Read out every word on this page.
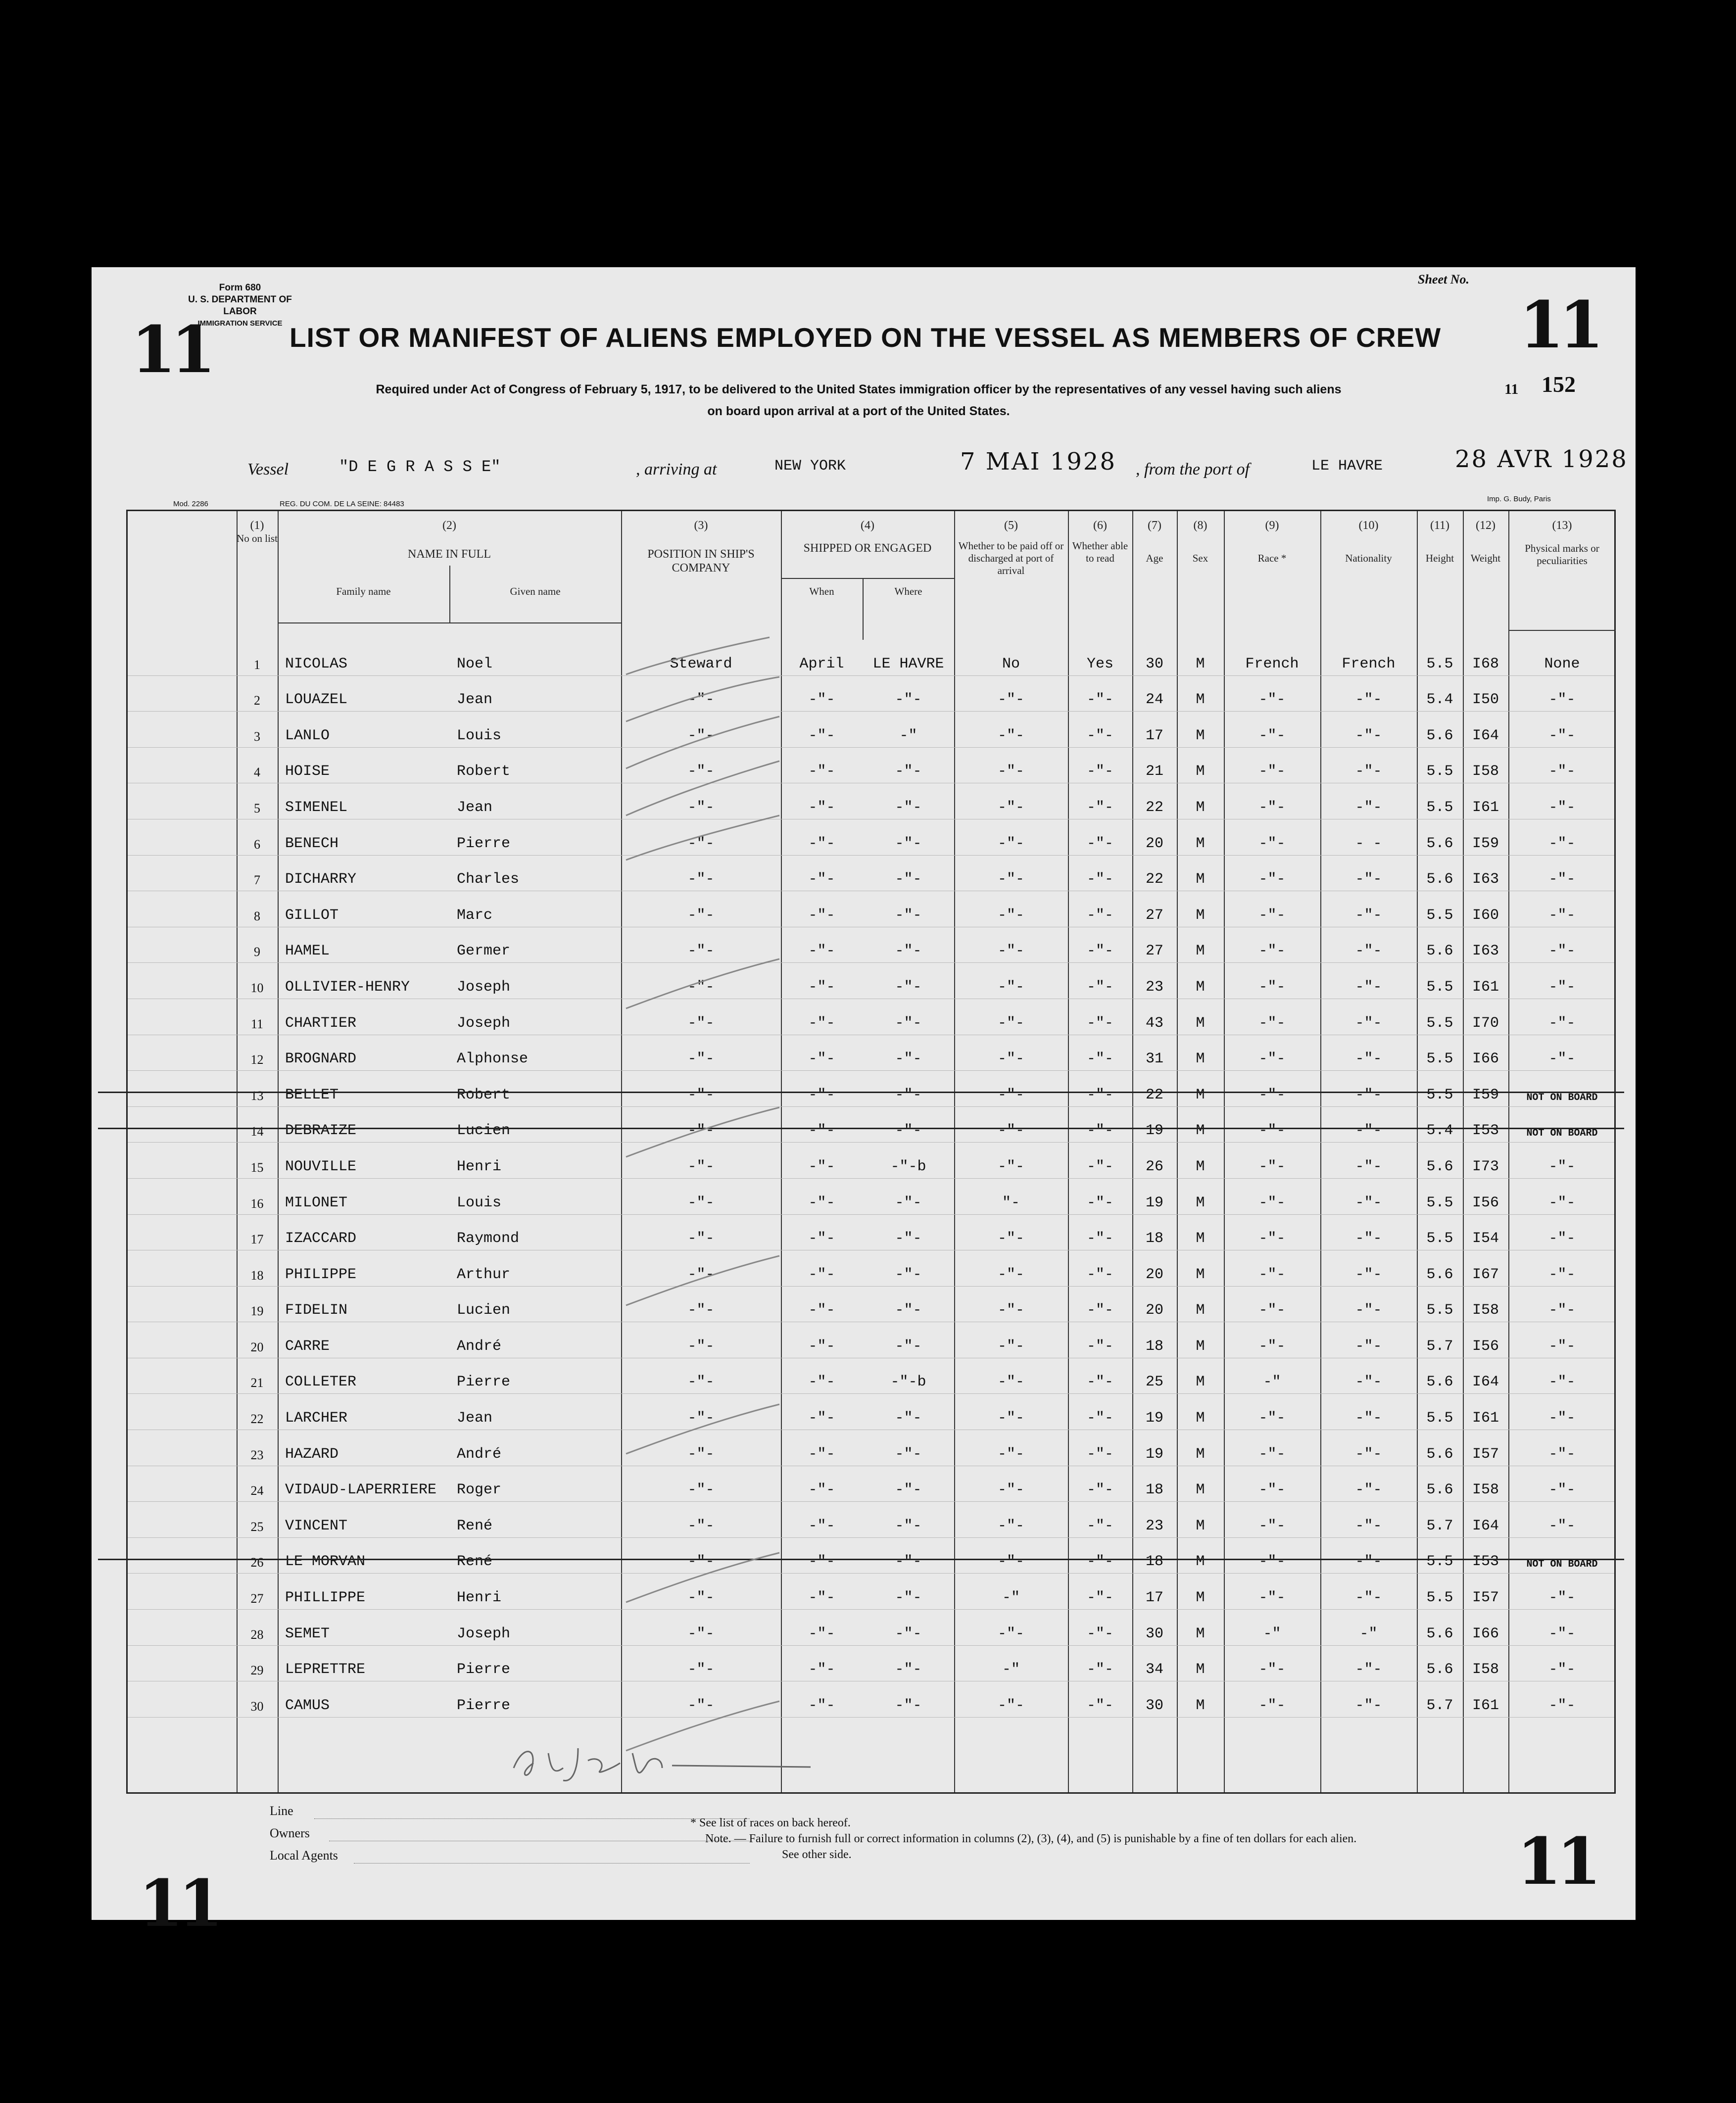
11	11
11
11
Sheet No.
Form 680
U. S. DEPARTMENT OF LABOR
IMMIGRATION SERVICE LIST OR MANIFEST OF ALIENS EMPLOYED ON THE VESSEL AS MEMBERS OF CREW
Required under Act of Congress of February 5, 1917, to be delivered to the United States immigration officer by the representatives of any vessel having such aliens
on board upon arrival at a port of the United States.
11 152
Vessel	"D E G R A S S E"	, arriving at	NEW YORK	7 MAI 1928 , from the port of	LE HAVRE	28 AVR 1928
Mod. 2286	REG. DU COM. DE LA SEINE: 84483
Imp. G. Budy, Paris
(1)
No on list
(2)
NAME IN FULL
Family name	Given name
(3)
POSITION IN SHIP'S COMPANY
(4)
SHIPPED OR ENGAGED
When	Where
(5)
Whether to be paid off or discharged at port of arrival
(6)
Whether able to read
(7)
Age
(8)
Sex
(9)
Race *
(10)
Nationality
(11)
Height
(12)
Weight
(13)
Physical marks or peculiarities
1	NICOLAS	Noel	Steward	April	LE HAVRE	No	Yes	30	M	French	French	5.5	I68	None
2	LOUAZEL	Jean	-"-	-"-	-"-	-"-	-"-	24	M	-"-	-"-	5.4	I50	-"-
3	LANLO	Louis	-"-	-"-	-"	-"-	-"-	17	M	-"-	-"-	5.6	I64	-"-
4	HOISE	Robert	-"-	-"-	-"-	-"-	-"-	21	M	-"-	-"-	5.5	I58	-"-
5	SIMENEL	Jean	-"-	-"-	-"-	-"-	-"-	22	M	-"-	-"-	5.5	I61	-"-
6	BENECH	Pierre	-"-	-"-	-"-	-"-	-"-	20	M	-"-	- -	5.6	I59	-"-
7	DICHARRY	Charles	-"-	-"-	-"-	-"-	-"-	22	M	-"-	-"-	5.6	I63	-"-
8	GILLOT	Marc	-"-	-"-	-"-	-"-	-"-	27	M	-"-	-"-	5.5	I60	-"-
9	HAMEL	Germer	-"-	-"-	-"-	-"-	-"-	27	M	-"-	-"-	5.6	I63	-"-
10	OLLIVIER-HENRY	Joseph	-"-	-"-	-"-	-"-	-"-	23	M	-"-	-"-	5.5	I61	-"-
11	CHARTIER	Joseph	-"-	-"-	-"-	-"-	-"-	43	M	-"-	-"-	5.5	I70	-"-
12	BROGNARD	Alphonse	-"-	-"-	-"-	-"-	-"-	31	M	-"-	-"-	5.5	I66	-"-
13	BELLET	Robert	-"-	-"-	-"-	-"-	-"-	22	M	-"-	-"-	5.5	I59	NOT ON BOARD
14	DEBRAIZE	Lucien	-"-	-"-	-"-	-"-	-"-	19	M	-"-	-"-	5.4	I53	NOT ON BOARD
15	NOUVILLE	Henri	-"-	-"-	-"-b	-"-	-"-	26	M	-"-	-"-	5.6	I73	-"-
16	MILONET	Louis	-"-	-"-	-"-	"-	-"-	19	M	-"-	-"-	5.5	I56	-"-
17	IZACCARD	Raymond	-"-	-"-	-"-	-"-	-"-	18	M	-"-	-"-	5.5	I54	-"-
18	PHILIPPE	Arthur	-"-	-"-	-"-	-"-	-"-	20	M	-"-	-"-	5.6	I67	-"-
19	FIDELIN	Lucien	-"-	-"-	-"-	-"-	-"-	20	M	-"-	-"-	5.5	I58	-"-
20	CARRE	André	-"-	-"-	-"-	-"-	-"-	18	M	-"-	-"-	5.7	I56	-"-
21	COLLETER	Pierre	-"-	-"-	-"-b	-"-	-"-	25	M	-"	-"-	5.6	I64	-"-
22	LARCHER	Jean	-"-	-"-	-"-	-"-	-"-	19	M	-"-	-"-	5.5	I61	-"-
23	HAZARD	André	-"-	-"-	-"-	-"-	-"-	19	M	-"-	-"-	5.6	I57	-"-
24	VIDAUD-LAPERRIERE	Roger	-"-	-"-	-"-	-"-	-"-	18	M	-"-	-"-	5.6	I58	-"-
25	VINCENT	René	-"-	-"-	-"-	-"-	-"-	23	M	-"-	-"-	5.7	I64	-"-
26	LE MORVAN	René	-"-	-"-	-"-	-"-	-"-	18	M	-"-	-"-	5.5	I53	NOT ON BOARD
27	PHILLIPPE	Henri	-"-	-"-	-"-	-"	-"-	17	M	-"-	-"-	5.5	I57	-"-
28	SEMET	Joseph	-"-	-"-	-"-	-"-	-"-	30	M	-"	-"	5.6	I66	-"-
29	LEPRETTRE	Pierre	-"-	-"-	-"-	-"	-"-	34	M	-"-	-"-	5.6	I58	-"-
30	CAMUS	Pierre	-"-	-"-	-"-	-"-	-"-	30	M	-"-	-"-	5.7	I61	-"-
Line
Owners
Local Agents
* See list of races on back hereof.
Note. — Failure to furnish full or correct information in columns (2), (3), (4), and (5) is punishable by a fine of ten dollars for each alien.
See other side.
